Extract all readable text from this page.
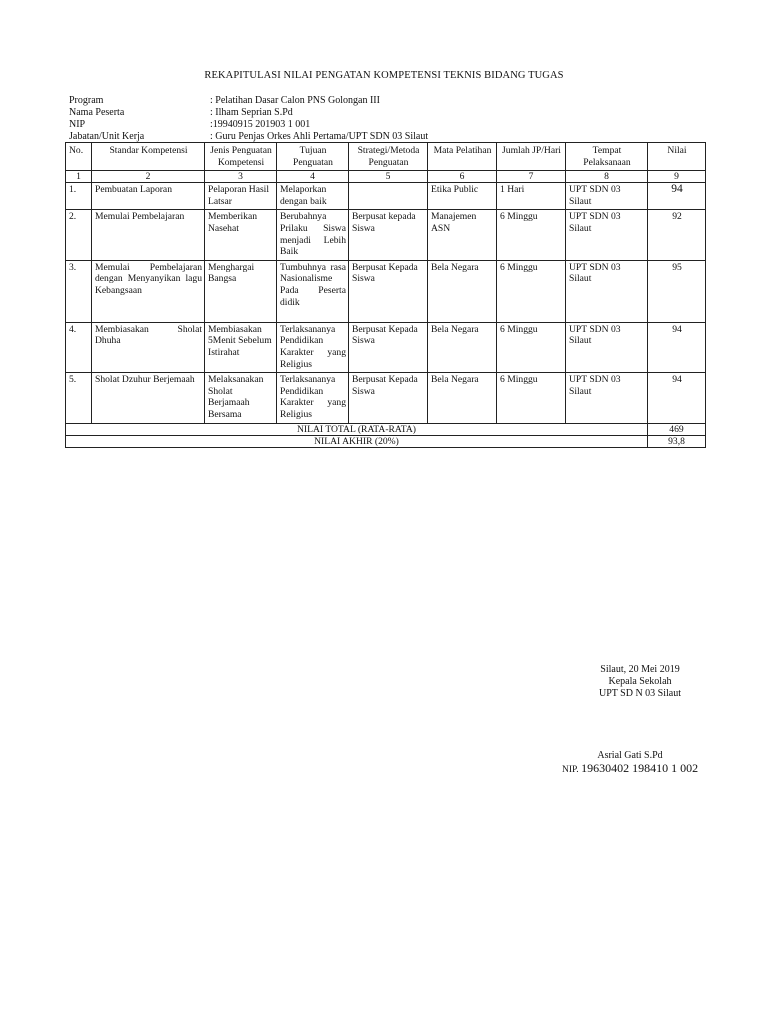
REKAPITULASI NILAI PENGATAN KOMPETENSI TEKNIS BIDANG TUGAS
Program	: Pelatihan Dasar Calon PNS Golongan III
Nama Peserta	: Ilham Seprian S.Pd
NIP	:19940915 201903 1 001
Jabatan/Unit Kerja	: Guru Penjas Orkes Ahli Pertama/UPT SDN 03 Silaut
No.	Standar Kompetensi	Jenis Penguatan Kompetensi	Tujuan Penguatan	Strategi/Metoda Penguatan	Mata Pelatihan	Jumlah JP/Hari	Tempat Pelaksanaan	Nilai
1	2	3	4	5	6	7	8	9
1.	Pembuatan Laporan	Pelaporan Hasil Latsar	Melaporkan dengan baik		Etika Public	1 Hari	UPT SDN 03 Silaut	94
2.	Memulai Pembelajaran	Memberikan Nasehat	Berubahnya Prilaku Siswa menjadi Lebih Baik	Berpusat kepada Siswa	Manajemen ASN	6 Minggu	UPT SDN 03 Silaut	92
3.	Memulai Pembelajaran dengan Menyanyikan lagu Kebangsaan	Menghargai Bangsa	Tumbuhnya rasa Nasionalisme Pada Peserta didik	Berpusat Kepada Siswa	Bela Negara	6 Minggu	UPT SDN 03 Silaut	95
4.	Membiasakan Sholat Dhuha	Membiasakan 5Menit Sebelum Istirahat	Terlaksananya Pendidikan Karakter yang Religius	Berpusat Kepada Siswa	Bela Negara	6 Minggu	UPT SDN 03 Silaut	94
5.	Sholat Dzuhur Berjemaah	Melaksanakan Sholat Berjamaah Bersama	Terlaksananya Pendidikan Karakter yang Religius	Berpusat Kepada Siswa	Bela Negara	6 Minggu	UPT SDN 03 Silaut	94
NILAI TOTAL (RATA-RATA)								469
NILAI AKHIR (20%)								93,8
Silaut, 20 Mei 2019
Kepala Sekolah
UPT SD N 03 Silaut
Asrial Gati S.Pd
NIP. 19630402 198410 1 002
